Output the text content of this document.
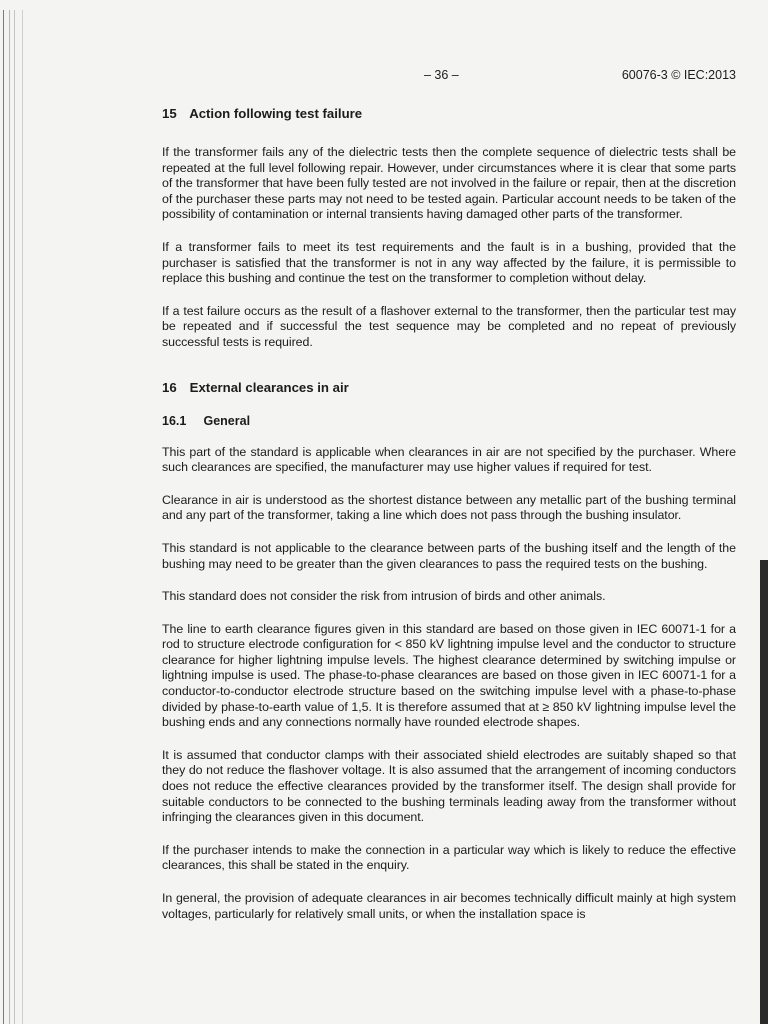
– 36 –	60076-3 © IEC:2013
15 Action following test failure

If the transformer fails any of the dielectric tests then the complete sequence of dielectric tests shall be repeated at the full level following repair. However, under circumstances where it is clear that some parts of the transformer that have been fully tested are not involved in the failure or repair, then at the discretion of the purchaser these parts may not need to be tested again. Particular account needs to be taken of the possibility of contamination or internal transients having damaged other parts of the transformer.

If a transformer fails to meet its test requirements and the fault is in a bushing, provided that the purchaser is satisfied that the transformer is not in any way affected by the failure, it is permissible to replace this bushing and continue the test on the transformer to completion without delay.

If a test failure occurs as the result of a flashover external to the transformer, then the particular test may be repeated and if successful the test sequence may be completed and no repeat of previously successful tests is required.

16 External clearances in air
16.1 General

This part of the standard is applicable when clearances in air are not specified by the purchaser. Where such clearances are specified, the manufacturer may use higher values if required for test.

Clearance in air is understood as the shortest distance between any metallic part of the bushing terminal and any part of the transformer, taking a line which does not pass through the bushing insulator.

This standard is not applicable to the clearance between parts of the bushing itself and the length of the bushing may need to be greater than the given clearances to pass the required tests on the bushing.

This standard does not consider the risk from intrusion of birds and other animals.

The line to earth clearance figures given in this standard are based on those given in IEC 60071-1 for a rod to structure electrode configuration for < 850 kV lightning impulse level and the conductor to structure clearance for higher lightning impulse levels. The highest clearance determined by switching impulse or lightning impulse is used. The phase-to-phase clearances are based on those given in IEC 60071-1 for a conductor-to-conductor electrode structure based on the switching impulse level with a phase-to-phase divided by phase-to-earth value of 1,5. It is therefore assumed that at ≥ 850 kV lightning impulse level the bushing ends and any connections normally have rounded electrode shapes.

It is assumed that conductor clamps with their associated shield electrodes are suitably shaped so that they do not reduce the flashover voltage. It is also assumed that the arrangement of incoming conductors does not reduce the effective clearances provided by the transformer itself. The design shall provide for suitable conductors to be connected to the bushing terminals leading away from the transformer without infringing the clearances given in this document.

If the purchaser intends to make the connection in a particular way which is likely to reduce the effective clearances, this shall be stated in the enquiry.

In general, the provision of adequate clearances in air becomes technically difficult mainly at high system voltages, particularly for relatively small units, or when the installation space is
